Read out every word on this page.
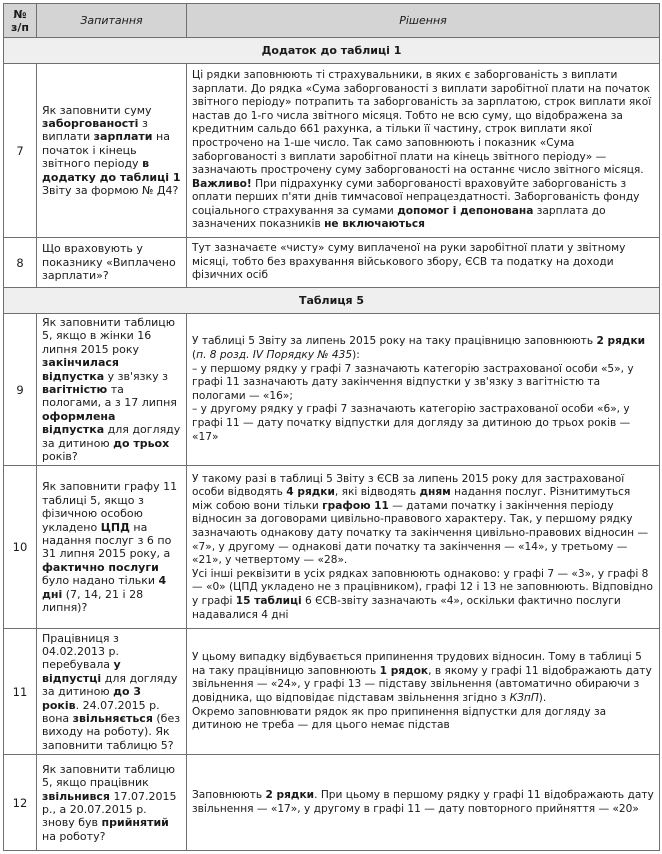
№
з/п	Запитання	Рішення
Додаток до таблиці 1		
7	Як заповнити суму заборгованості з виплати зарплати на початок і кінець звітного періоду в додатку до таблиці 1 Звіту за формою № Д4?	Ці рядки заповнюють ті страхувальники, в яких є заборгованість з виплати зарплати. До рядка «Сума заборгованості з виплати заробітної плати на початок звітного періоду» потрапить та заборгованість за зарплатою, строк виплати якої настав до 1-го числа звітного місяця. Тобто не всю суму, що відображена за кредитним сальдо 661 рахунка, а тільки її частину, строк виплати якої прострочено на 1-ше число. Так само заповнюють і показник «Сума заборгованості з виплати заробітної плати на кінець звітного періоду» — зазначають прострочену суму заборгованості на останнє число звітного місяця. Важливо! При підрахунку суми заборгованості враховуйте заборгованість з оплати перших п'яти днів тимчасової непрацездатності. Заборгованість фонду соціального страхування за сумами допомог і депонована зарплата до зазначених показників не включаються
8	Що враховують у показнику «Виплачено зарплати»?	Тут зазначаєте «чисту» суму виплаченої на руки заробітної плати у звітному місяці, тобто без врахування військового збору, ЄСВ та податку на доходи фізичних осіб
Таблиця 5		
9	Як заповнити таблицю 5, якщо в жінки 16 липня 2015 року закінчилася відпустка у зв'язку з вагітністю та пологами, а з 17 липня оформлена відпустка для догляду за дитиною до трьох років?	У таблиці 5 Звіту за липень 2015 року на таку працівницю заповнюють 2 рядки (п. 8 розд. IV Порядку № 435):
– у першому рядку у графі 7 зазначають категорію застрахованої особи «5», у графі 11 зазначають дату закінчення відпустки у зв'язку з вагітністю та пологами — «16»;
– у другому рядку у графі 7 зазначають категорію застрахованої особи «6», у графі 11 — дату початку відпустки для догляду за дитиною до трьох років — «17»
10	Як заповнити графу 11 таблиці 5, якщо з фізичною особою укладено ЦПД на надання послуг з 6 по 31 липня 2015 року, а фактично послуги було надано тільки 4 дні (7, 14, 21 і 28 липня)?	У такому разі в таблиці 5 Звіту з ЄСВ за липень 2015 року для застрахованої особи відводять 4 рядки, які відводять дням надання послуг. Різнитимуться між собою вони тільки графою 11 — датами початку і закінчення періоду відносин за договорами цивільно-правового характеру. Так, у першому рядку зазначають однакову дату початку та закінчення цивільно-правових відносин — «7», у другому — однакові дати початку та закінчення — «14», у третьому — «21», у четвертому — «28».
Усі інші реквізити в усіх рядках заповнюють однаково: у графі 7 — «3», у графі 8 — «0» (ЦПД укладено не з працівником), графі 12 і 13 не заповнюють. Відповідно у графі 15 таблиці 6 ЄСВ-звіту зазначають «4», оскільки фактично послуги надавалися 4 дні
11	Працівниця з 04.02.2013 р. перебувала у відпустці для догляду за дитиною до 3 років. 24.07.2015 р. вона звільняється (без виходу на роботу). Як заповнити таблицю 5?	У цьому випадку відбувається припинення трудових відносин. Тому в таблиці 5 на таку працівницю заповнюють 1 рядок, в якому у графі 11 відображають дату звільнення — «24», у графі 13 — підставу звільнення (автоматично обираючи з довідника, що відповідає підставам звільнення згідно з КЗпП).
Окремо заповнювати рядок як про припинення відпустки для догляду за дитиною не треба — для цього немає підстав
12	Як заповнити таблицю 5, якщо працівник звільнився 17.07.2015 р., а 20.07.2015 р. знову був прийнятий на роботу?	Заповнюють 2 рядки. При цьому в першому рядку у графі 11 відображають дату звільнення — «17», у другому в графі 11 — дату повторного прийняття — «20»
